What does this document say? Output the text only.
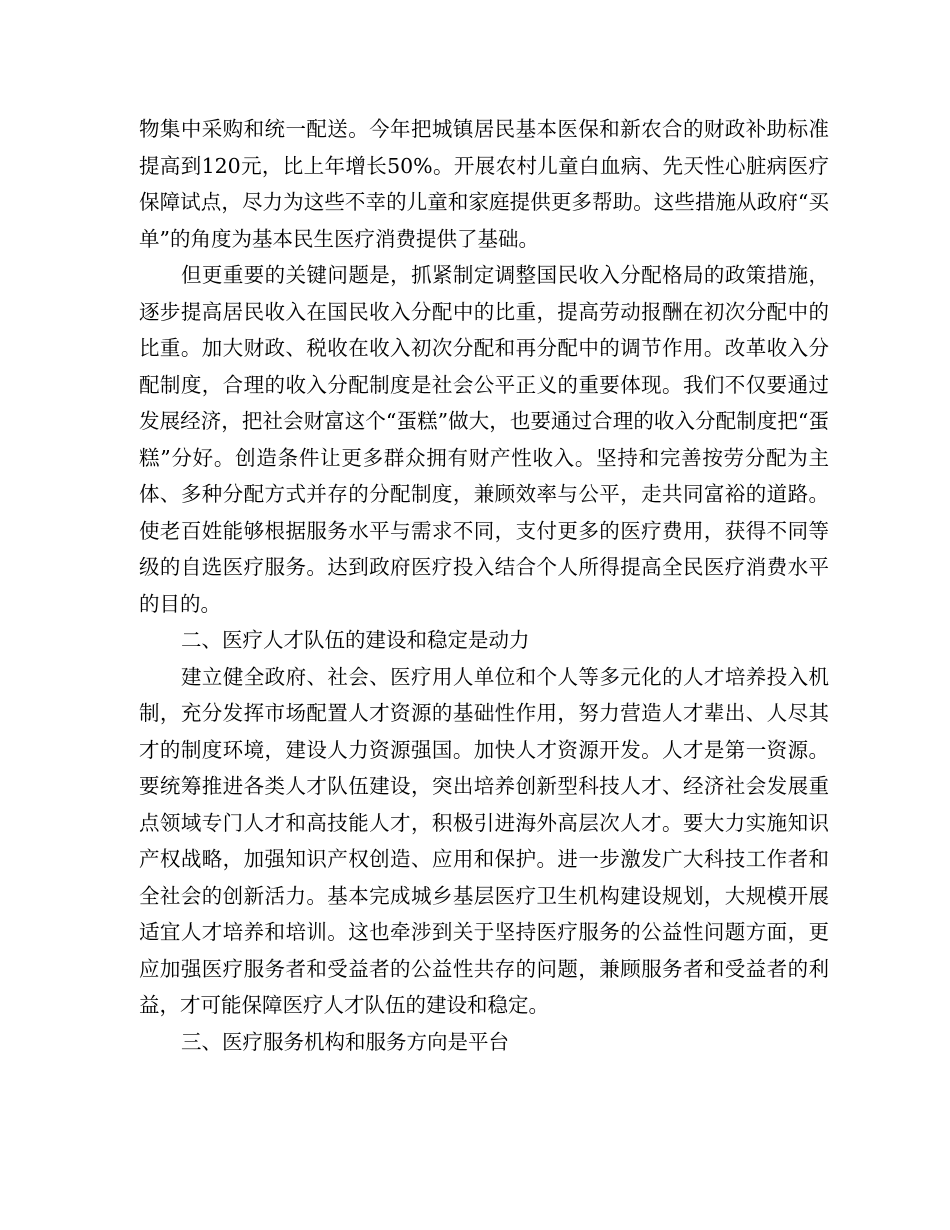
物集中采购和统一配送。今年把城镇居民基本医保和新农合的财政补助标准提高到120元，比上年增长50%。开展农村儿童白血病、先天性心脏病医疗保障试点，尽力为这些不幸的儿童和家庭提供更多帮助。这些措施从政府“买单”的角度为基本民生医疗消费提供了基础。

但更重要的关键问题是，抓紧制定调整国民收入分配格局的政策措施，逐步提高居民收入在国民收入分配中的比重，提高劳动报酬在初次分配中的比重。加大财政、税收在收入初次分配和再分配中的调节作用。改革收入分配制度，合理的收入分配制度是社会公平正义的重要体现。我们不仅要通过发展经济，把社会财富这个“蛋糕”做大，也要通过合理的收入分配制度把“蛋糕”分好。创造条件让更多群众拥有财产性收入。坚持和完善按劳分配为主体、多种分配方式并存的分配制度，兼顾效率与公平，走共同富裕的道路。使老百姓能够根据服务水平与需求不同，支付更多的医疗费用，获得不同等级的自选医疗服务。达到政府医疗投入结合个人所得提高全民医疗消费水平的目的。

二、医疗人才队伍的建设和稳定是动力

建立健全政府、社会、医疗用人单位和个人等多元化的人才培养投入机制，充分发挥市场配置人才资源的基础性作用，努力营造人才辈出、人尽其才的制度环境，建设人力资源强国。加快人才资源开发。人才是第一资源。要统筹推进各类人才队伍建设，突出培养创新型科技人才、经济社会发展重点领域专门人才和高技能人才，积极引进海外高层次人才。要大力实施知识产权战略，加强知识产权创造、应用和保护。进一步激发广大科技工作者和全社会的创新活力。基本完成城乡基层医疗卫生机构建设规划，大规模开展适宜人才培养和培训。这也牵涉到关于坚持医疗服务的公益性问题方面，更应加强医疗服务者和受益者的公益性共存的问题，兼顾服务者和受益者的利益，才可能保障医疗人才队伍的建设和稳定。

三、医疗服务机构和服务方向是平台
